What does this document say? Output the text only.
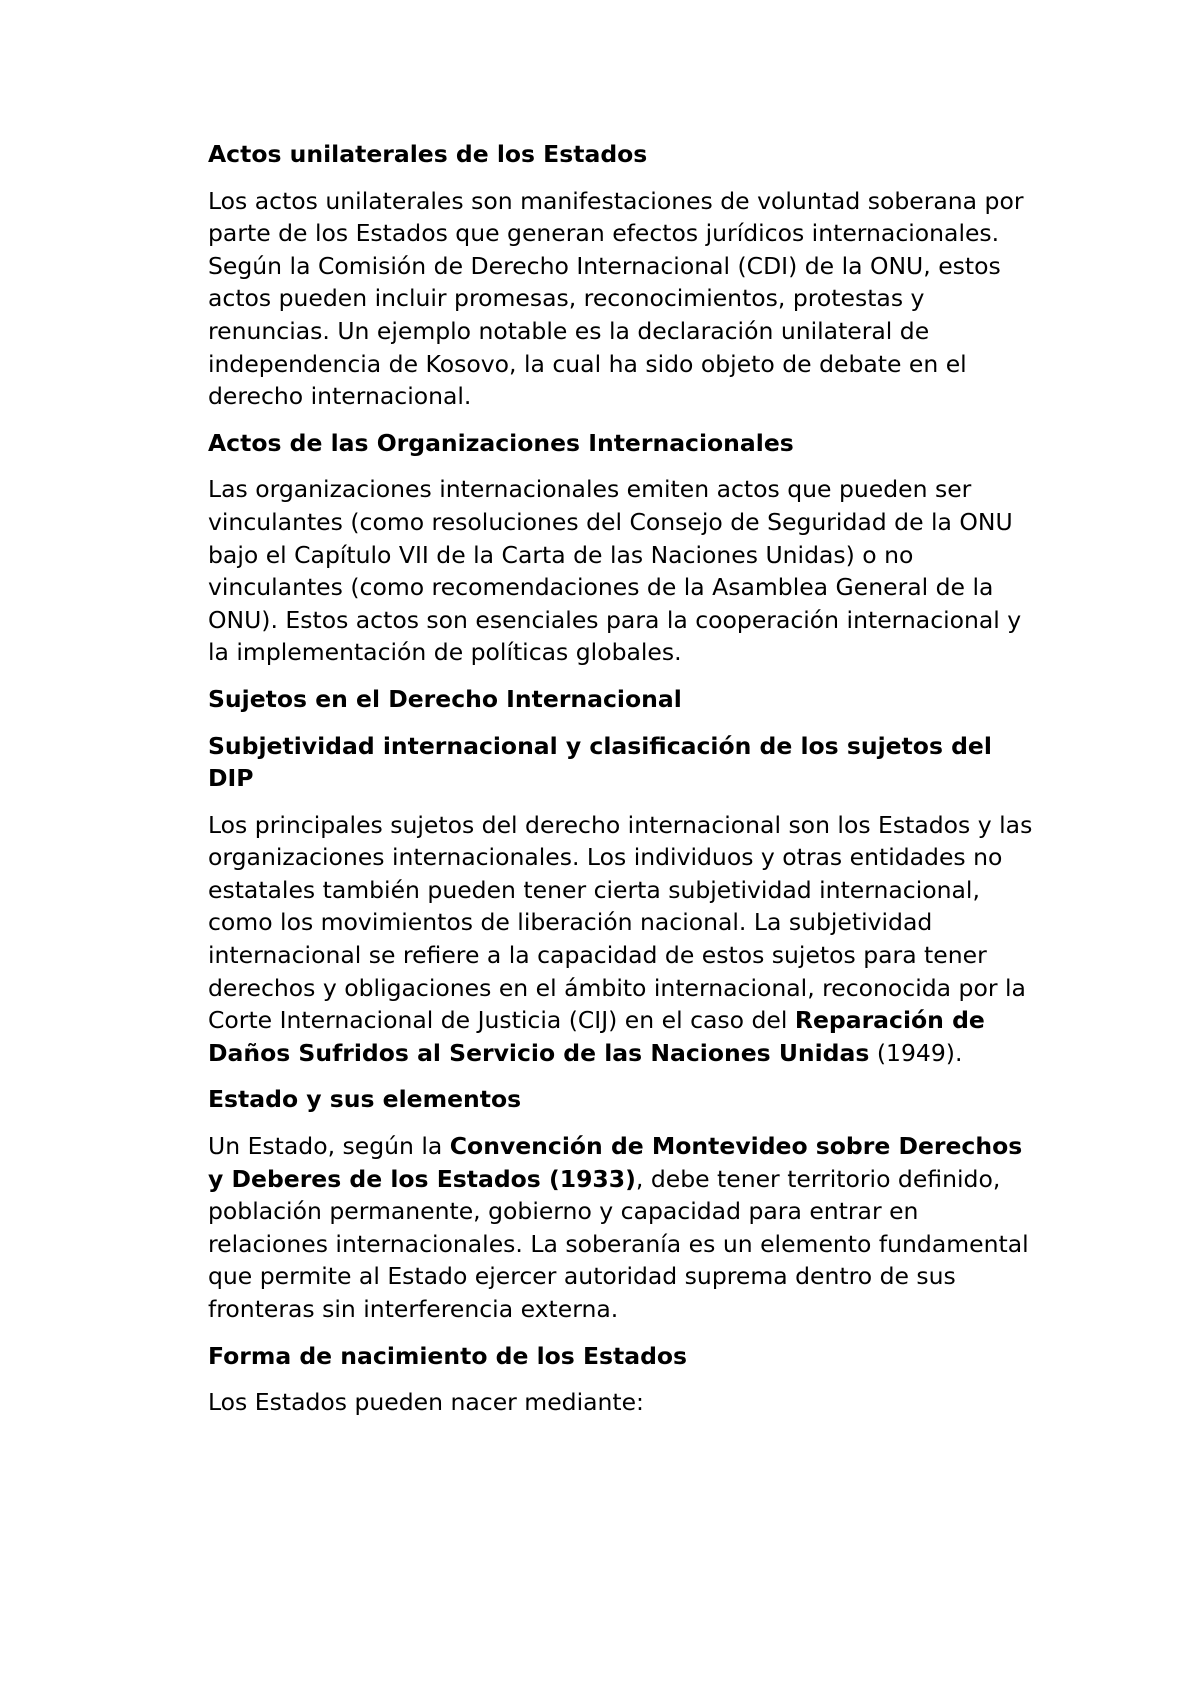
Actos unilaterales de los Estados
Los actos unilaterales son manifestaciones de voluntad soberana por parte de los Estados que generan efectos jurídicos internacionales. Según la Comisión de Derecho Internacional (CDI) de la ONU, estos actos pueden incluir promesas, reconocimientos, protestas y renuncias. Un ejemplo notable es la declaración unilateral de independencia de Kosovo, la cual ha sido objeto de debate en el derecho internacional.
Actos de las Organizaciones Internacionales
Las organizaciones internacionales emiten actos que pueden ser vinculantes (como resoluciones del Consejo de Seguridad de la ONU bajo el Capítulo VII de la Carta de las Naciones Unidas) o no vinculantes (como recomendaciones de la Asamblea General de la ONU). Estos actos son esenciales para la cooperación internacional y la implementación de políticas globales.
Sujetos en el Derecho Internacional
Subjetividad internacional y clasificación de los sujetos del DIP
Los principales sujetos del derecho internacional son los Estados y las organizaciones internacionales. Los individuos y otras entidades no estatales también pueden tener cierta subjetividad internacional, como los movimientos de liberación nacional. La subjetividad internacional se refiere a la capacidad de estos sujetos para tener derechos y obligaciones en el ámbito internacional, reconocida por la Corte Internacional de Justicia (CIJ) en el caso del Reparación de Daños Sufridos al Servicio de las Naciones Unidas (1949).
Estado y sus elementos
Un Estado, según la Convención de Montevideo sobre Derechos y Deberes de los Estados (1933), debe tener territorio definido, población permanente, gobierno y capacidad para entrar en relaciones internacionales. La soberanía es un elemento fundamental que permite al Estado ejercer autoridad suprema dentro de sus fronteras sin interferencia externa.
Forma de nacimiento de los Estados
Los Estados pueden nacer mediante:
